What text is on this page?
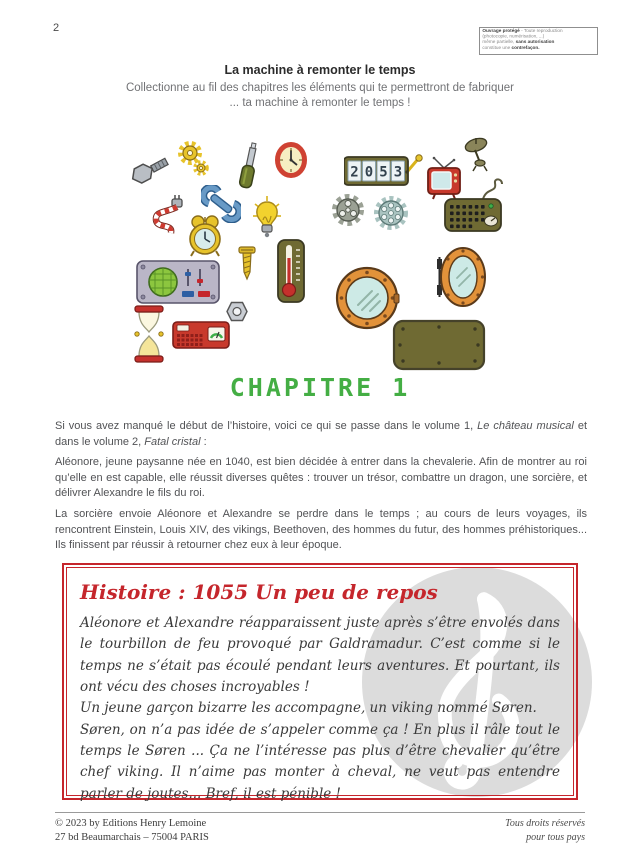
2	Ouvrage protégé - Toute reproduction
(photocopie, numérisation, ...)
même partielle, sans autorisation
constitue une contrefaçon.
La machine à remonter le temps
Collectionne au fil des chapitres les éléments qui te permettront de fabriquer
... ta machine à remonter le temps !
2 0 5 3
CHAPITRE 1

Si vous avez manqué le début de l’histoire, voici ce qui se passe dans le volume 1, Le château musical et dans le volume 2, Fatal cristal :

Aléonore, jeune paysanne née en 1040, est bien décidée à entrer dans la chevalerie. Afin de montrer au roi qu’elle en est capable, elle réussit diverses quêtes : trouver un trésor, combattre un dragon, une sorcière, et délivrer Alexandre le fils du roi.

La sorcière envoie Aléonore et Alexandre se perdre dans le temps ; au cours de leurs voyages, ils rencontrent Einstein, Louis XIV, des vikings, Beethoven, des hommes du futur, des hommes préhistoriques... Ils finissent par réussir à retourner chez eux à leur époque.

Histoire : 1055 Un peu de repos

Aléonore et Alexandre réapparaissent juste après s’être envolés dans le tourbillon de feu provoqué par Galdramadur. C’est comme si le temps ne s’était pas écoulé pendant leurs aventures. Et pourtant, ils ont vécu des choses incroyables !

Un jeune garçon bizarre les accompagne, un viking nommé Søren.

Søren, on n’a pas idée de s’appeler comme ça ! En plus il râle tout le temps le Søren ... Ça ne l’intéresse pas plus d’être chevalier qu’être chef viking. Il n’aime pas monter à cheval, ne veut pas entendre parler de joutes... Bref, il est pénible !

© 2023 by Editions Henry Lemoine
27 bd Beaumarchais – 75004 PARIS
Tous droits réservés
pour tous pays
